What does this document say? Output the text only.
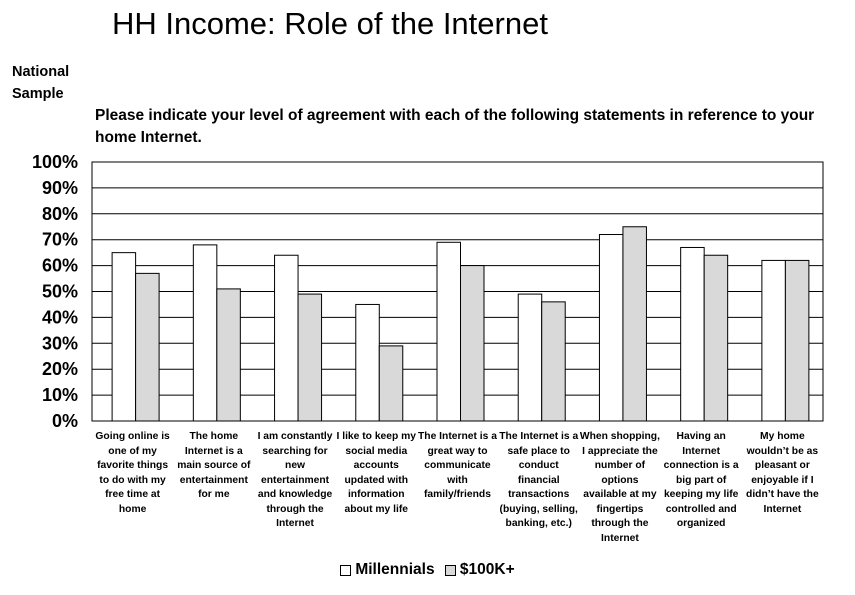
HH Income: Role of the Internet
National Sample
Please indicate your level of agreement with each of the following statements in reference to your home Internet.
0%
10%
20%
30%
40%
50%
60%
70%
80%
90%
100%
Going online is one of my favorite things to do with my free time at home
The home Internet is a main source of entertainment for me
I am constantly searching for new entertainment and knowledge through the Internet
I like to keep my social media accounts updated with information about my life
The Internet is a great way to communicate with family/friends
The Internet is a safe place to conduct financial transactions (buying, selling, banking, etc.)
When shopping, I appreciate the number of options available at my fingertips through the Internet
Having an Internet connection is a big part of keeping my life controlled and organized
My home wouldn’t be as pleasant or enjoyable if I didn’t have the Internet
Millennials
$100K+
